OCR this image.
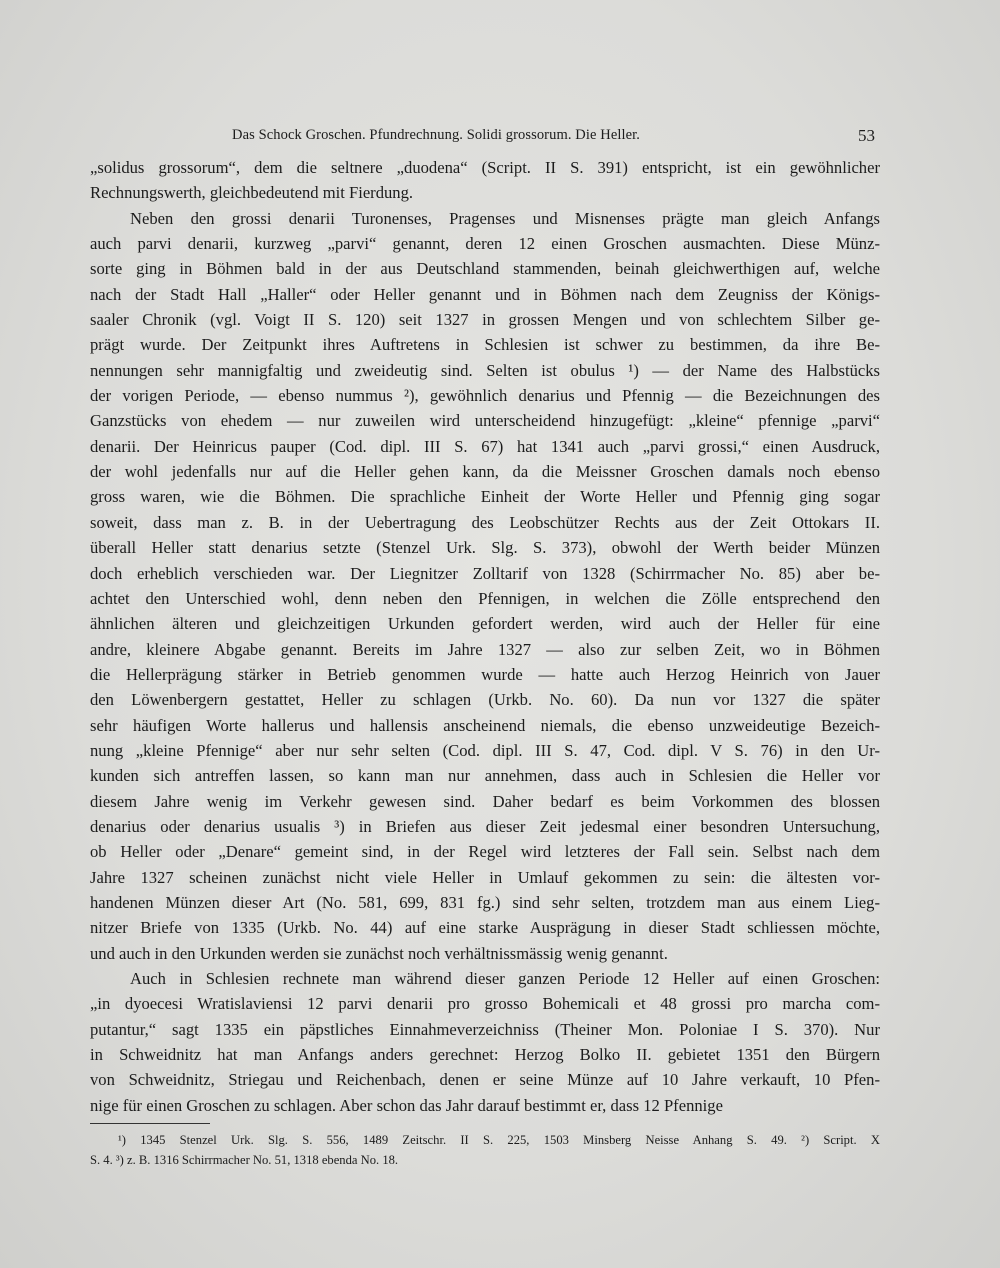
Das Schock Groschen. Pfundrechnung. Solidi grossorum. Die Heller.	53
„solidus grossorum“, dem die seltnere „duodena“ (Script. II S. 391) entspricht, ist ein gewöhnlicher
Rechnungswerth, gleichbedeutend mit Fierdung.
Neben den grossi denarii Turonenses, Pragenses und Misnenses prägte man gleich Anfangs
auch parvi denarii, kurzweg „parvi“ genannt, deren 12 einen Groschen ausmachten. Diese Münz-
sorte ging in Böhmen bald in der aus Deutschland stammenden, beinah gleichwerthigen auf, welche
nach der Stadt Hall „Haller“ oder Heller genannt und in Böhmen nach dem Zeugniss der Königs-
saaler Chronik (vgl. Voigt II S. 120) seit 1327 in grossen Mengen und von schlechtem Silber ge-
prägt wurde. Der Zeitpunkt ihres Auftretens in Schlesien ist schwer zu bestimmen, da ihre Be-
nennungen sehr mannigfaltig und zweideutig sind. Selten ist obulus ¹) — der Name des Halbstücks
der vorigen Periode, — ebenso nummus ²), gewöhnlich denarius und Pfennig — die Bezeichnungen des
Ganzstücks von ehedem — nur zuweilen wird unterscheidend hinzugefügt: „kleine“ pfennige „parvi“
denarii. Der Heinricus pauper (Cod. dipl. III S. 67) hat 1341 auch „parvi grossi,“ einen Ausdruck,
der wohl jedenfalls nur auf die Heller gehen kann, da die Meissner Groschen damals noch ebenso
gross waren, wie die Böhmen. Die sprachliche Einheit der Worte Heller und Pfennig ging sogar
soweit, dass man z. B. in der Uebertragung des Leobschützer Rechts aus der Zeit Ottokars II.
überall Heller statt denarius setzte (Stenzel Urk. Slg. S. 373), obwohl der Werth beider Münzen
doch erheblich verschieden war. Der Liegnitzer Zolltarif von 1328 (Schirrmacher No. 85) aber be-
achtet den Unterschied wohl, denn neben den Pfennigen, in welchen die Zölle entsprechend den
ähnlichen älteren und gleichzeitigen Urkunden gefordert werden, wird auch der Heller für eine
andre, kleinere Abgabe genannt. Bereits im Jahre 1327 — also zur selben Zeit, wo in Böhmen
die Hellerprägung stärker in Betrieb genommen wurde — hatte auch Herzog Heinrich von Jauer
den Löwenbergern gestattet, Heller zu schlagen (Urkb. No. 60). Da nun vor 1327 die später
sehr häufigen Worte hallerus und hallensis anscheinend niemals, die ebenso unzweideutige Bezeich-
nung „kleine Pfennige“ aber nur sehr selten (Cod. dipl. III S. 47, Cod. dipl. V S. 76) in den Ur-
kunden sich antreffen lassen, so kann man nur annehmen, dass auch in Schlesien die Heller vor
diesem Jahre wenig im Verkehr gewesen sind. Daher bedarf es beim Vorkommen des blossen
denarius oder denarius usualis ³) in Briefen aus dieser Zeit jedesmal einer besondren Untersuchung,
ob Heller oder „Denare“ gemeint sind, in der Regel wird letzteres der Fall sein. Selbst nach dem
Jahre 1327 scheinen zunächst nicht viele Heller in Umlauf gekommen zu sein: die ältesten vor-
handenen Münzen dieser Art (No. 581, 699, 831 fg.) sind sehr selten, trotzdem man aus einem Lieg-
nitzer Briefe von 1335 (Urkb. No. 44) auf eine starke Ausprägung in dieser Stadt schliessen möchte,
und auch in den Urkunden werden sie zunächst noch verhältnissmässig wenig genannt.
Auch in Schlesien rechnete man während dieser ganzen Periode 12 Heller auf einen Groschen:
„in dyoecesi Wratislaviensi 12 parvi denarii pro grosso Bohemicali et 48 grossi pro marcha com-
putantur,“ sagt 1335 ein päpstliches Einnahmeverzeichniss (Theiner Mon. Poloniae I S. 370). Nur
in Schweidnitz hat man Anfangs anders gerechnet: Herzog Bolko II. gebietet 1351 den Bürgern
von Schweidnitz, Striegau und Reichenbach, denen er seine Münze auf 10 Jahre verkauft, 10 Pfen-
nige für einen Groschen zu schlagen. Aber schon das Jahr darauf bestimmt er, dass 12 Pfennige
¹) 1345 Stenzel Urk. Slg. S. 556, 1489 Zeitschr. II S. 225, 1503 Minsberg Neisse Anhang S. 49. ²) Script. X
S. 4. ³) z. B. 1316 Schirrmacher No. 51, 1318 ebenda No. 18.
